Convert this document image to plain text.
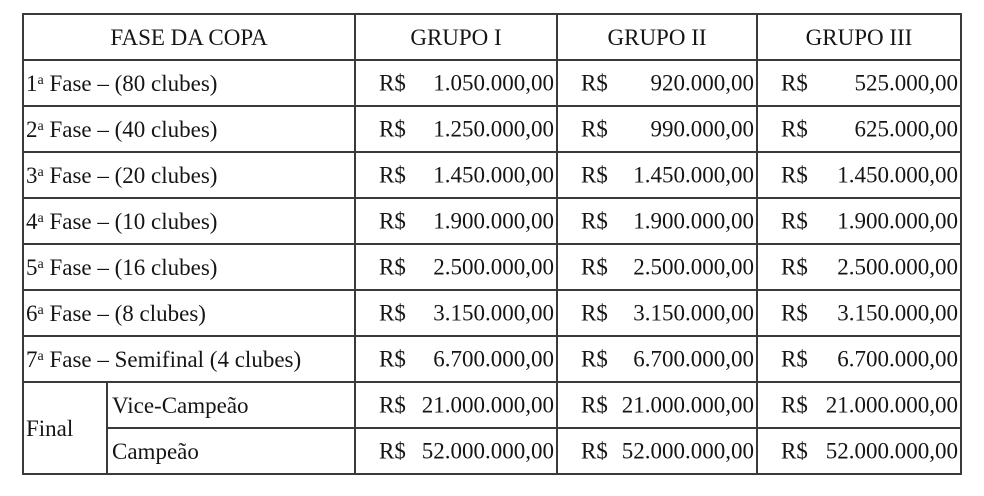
FASE DA COPA		GRUPO I	GRUPO II	GRUPO III
1$^a$ Fase – (80 clubes)		R$ 1.050.000,00	R$ 920.000,00	R$ 525.000,00

2$^a$ Fase – (40 clubes)		R$ 1.250.000,00	R$ 990.000,00	R$ 625.000,00

3$^a$ Fase – (20 clubes)		R$ 1.450.000,00	R$ 1.450.000,00	R$ 1.450.000,00

4$^a$ Fase – (10 clubes)		R$ 1.900.000,00	R$ 1.900.000,00	R$ 1.900.000,00

5$^a$ Fase – (16 clubes)		R$ 2.500.000,00	R$ 2.500.000,00	R$ 2.500.000,00

6$^a$ Fase – (8 clubes)		R$ 3.150.000,00	R$ 3.150.000,00	R$ 3.150.000,00

7$^a$ Fase – Semifinal (4 clubes)		R$ 6.700.000,00	R$ 6.700.000,00	R$ 6.700.000,00

Final	Vice-Campeão	R$ 21.000.000,00	R$ 21.000.000,00	R$ 21.000.000,00

	Campeão	R$ 52.000.000,00	R$ 52.000.000,00	R$ 52.000.000,00
